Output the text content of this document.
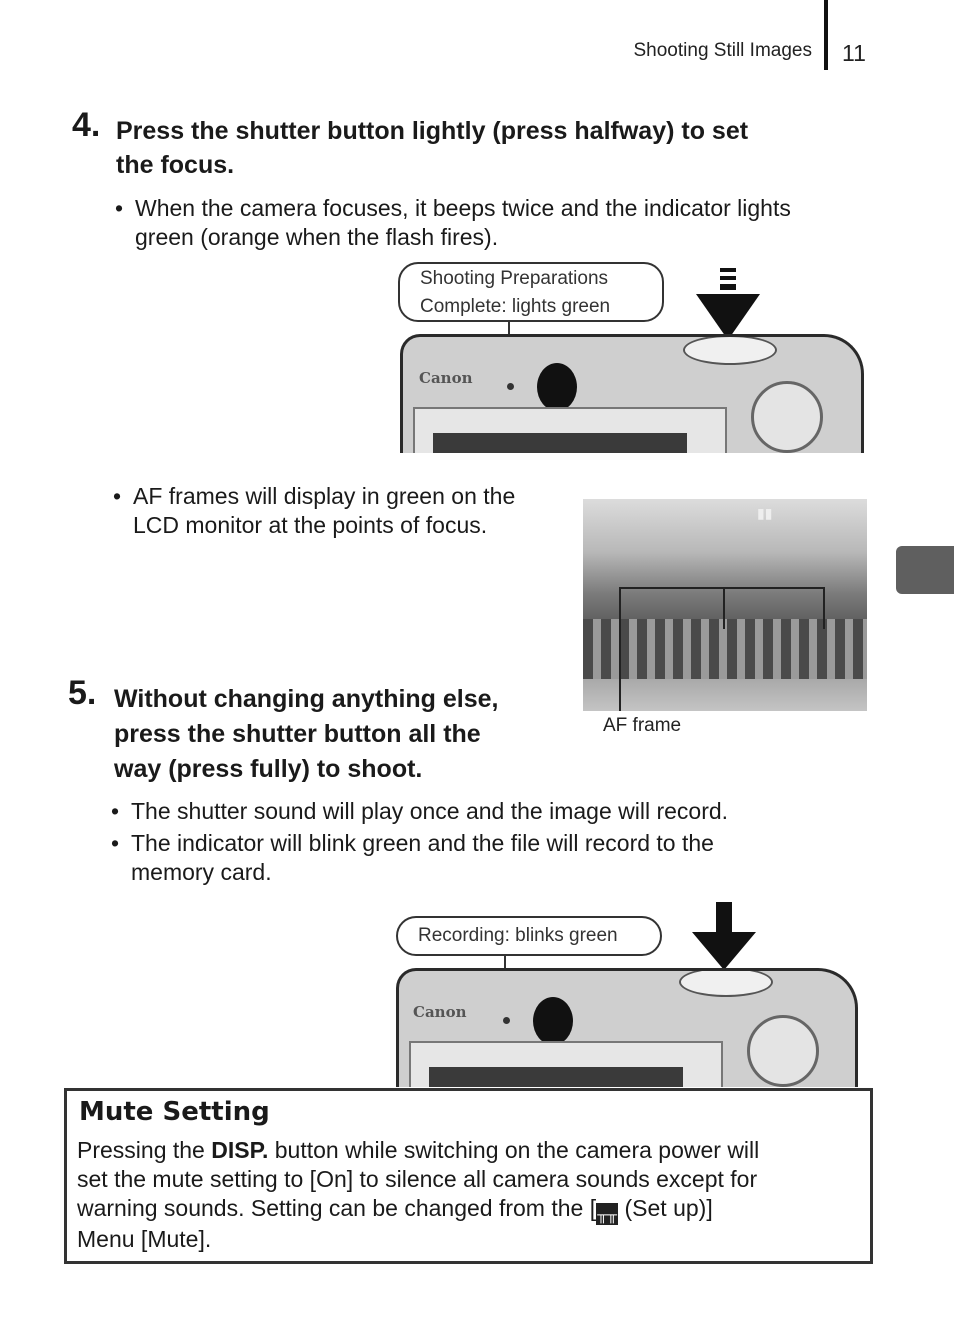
Shooting Still Images 11
4. Press the shutter button lightly (press halfway) to set
the focus.
• When the camera focuses, it beeps twice and the indicator lights
green (orange when the flash fires).
Shooting Preparations
Complete: lights green
Canon
• AF frames will display in green on the
LCD monitor at the points of focus.	▮▮
AF frame
5. Without changing anything else,
press the shutter button all the
way (press fully) to shoot.
• The shutter sound will play once and the image will record.
• The indicator will blink green and the file will record to the
memory card.
Recording: blinks green
Canon
Mute Setting
Pressing the DISP. button while switching on the camera power will
set the mute setting to [On] to silence all camera sounds except for
warning sounds. Setting can be changed from the [╥╥ (Set up)]
Menu [Mute].
